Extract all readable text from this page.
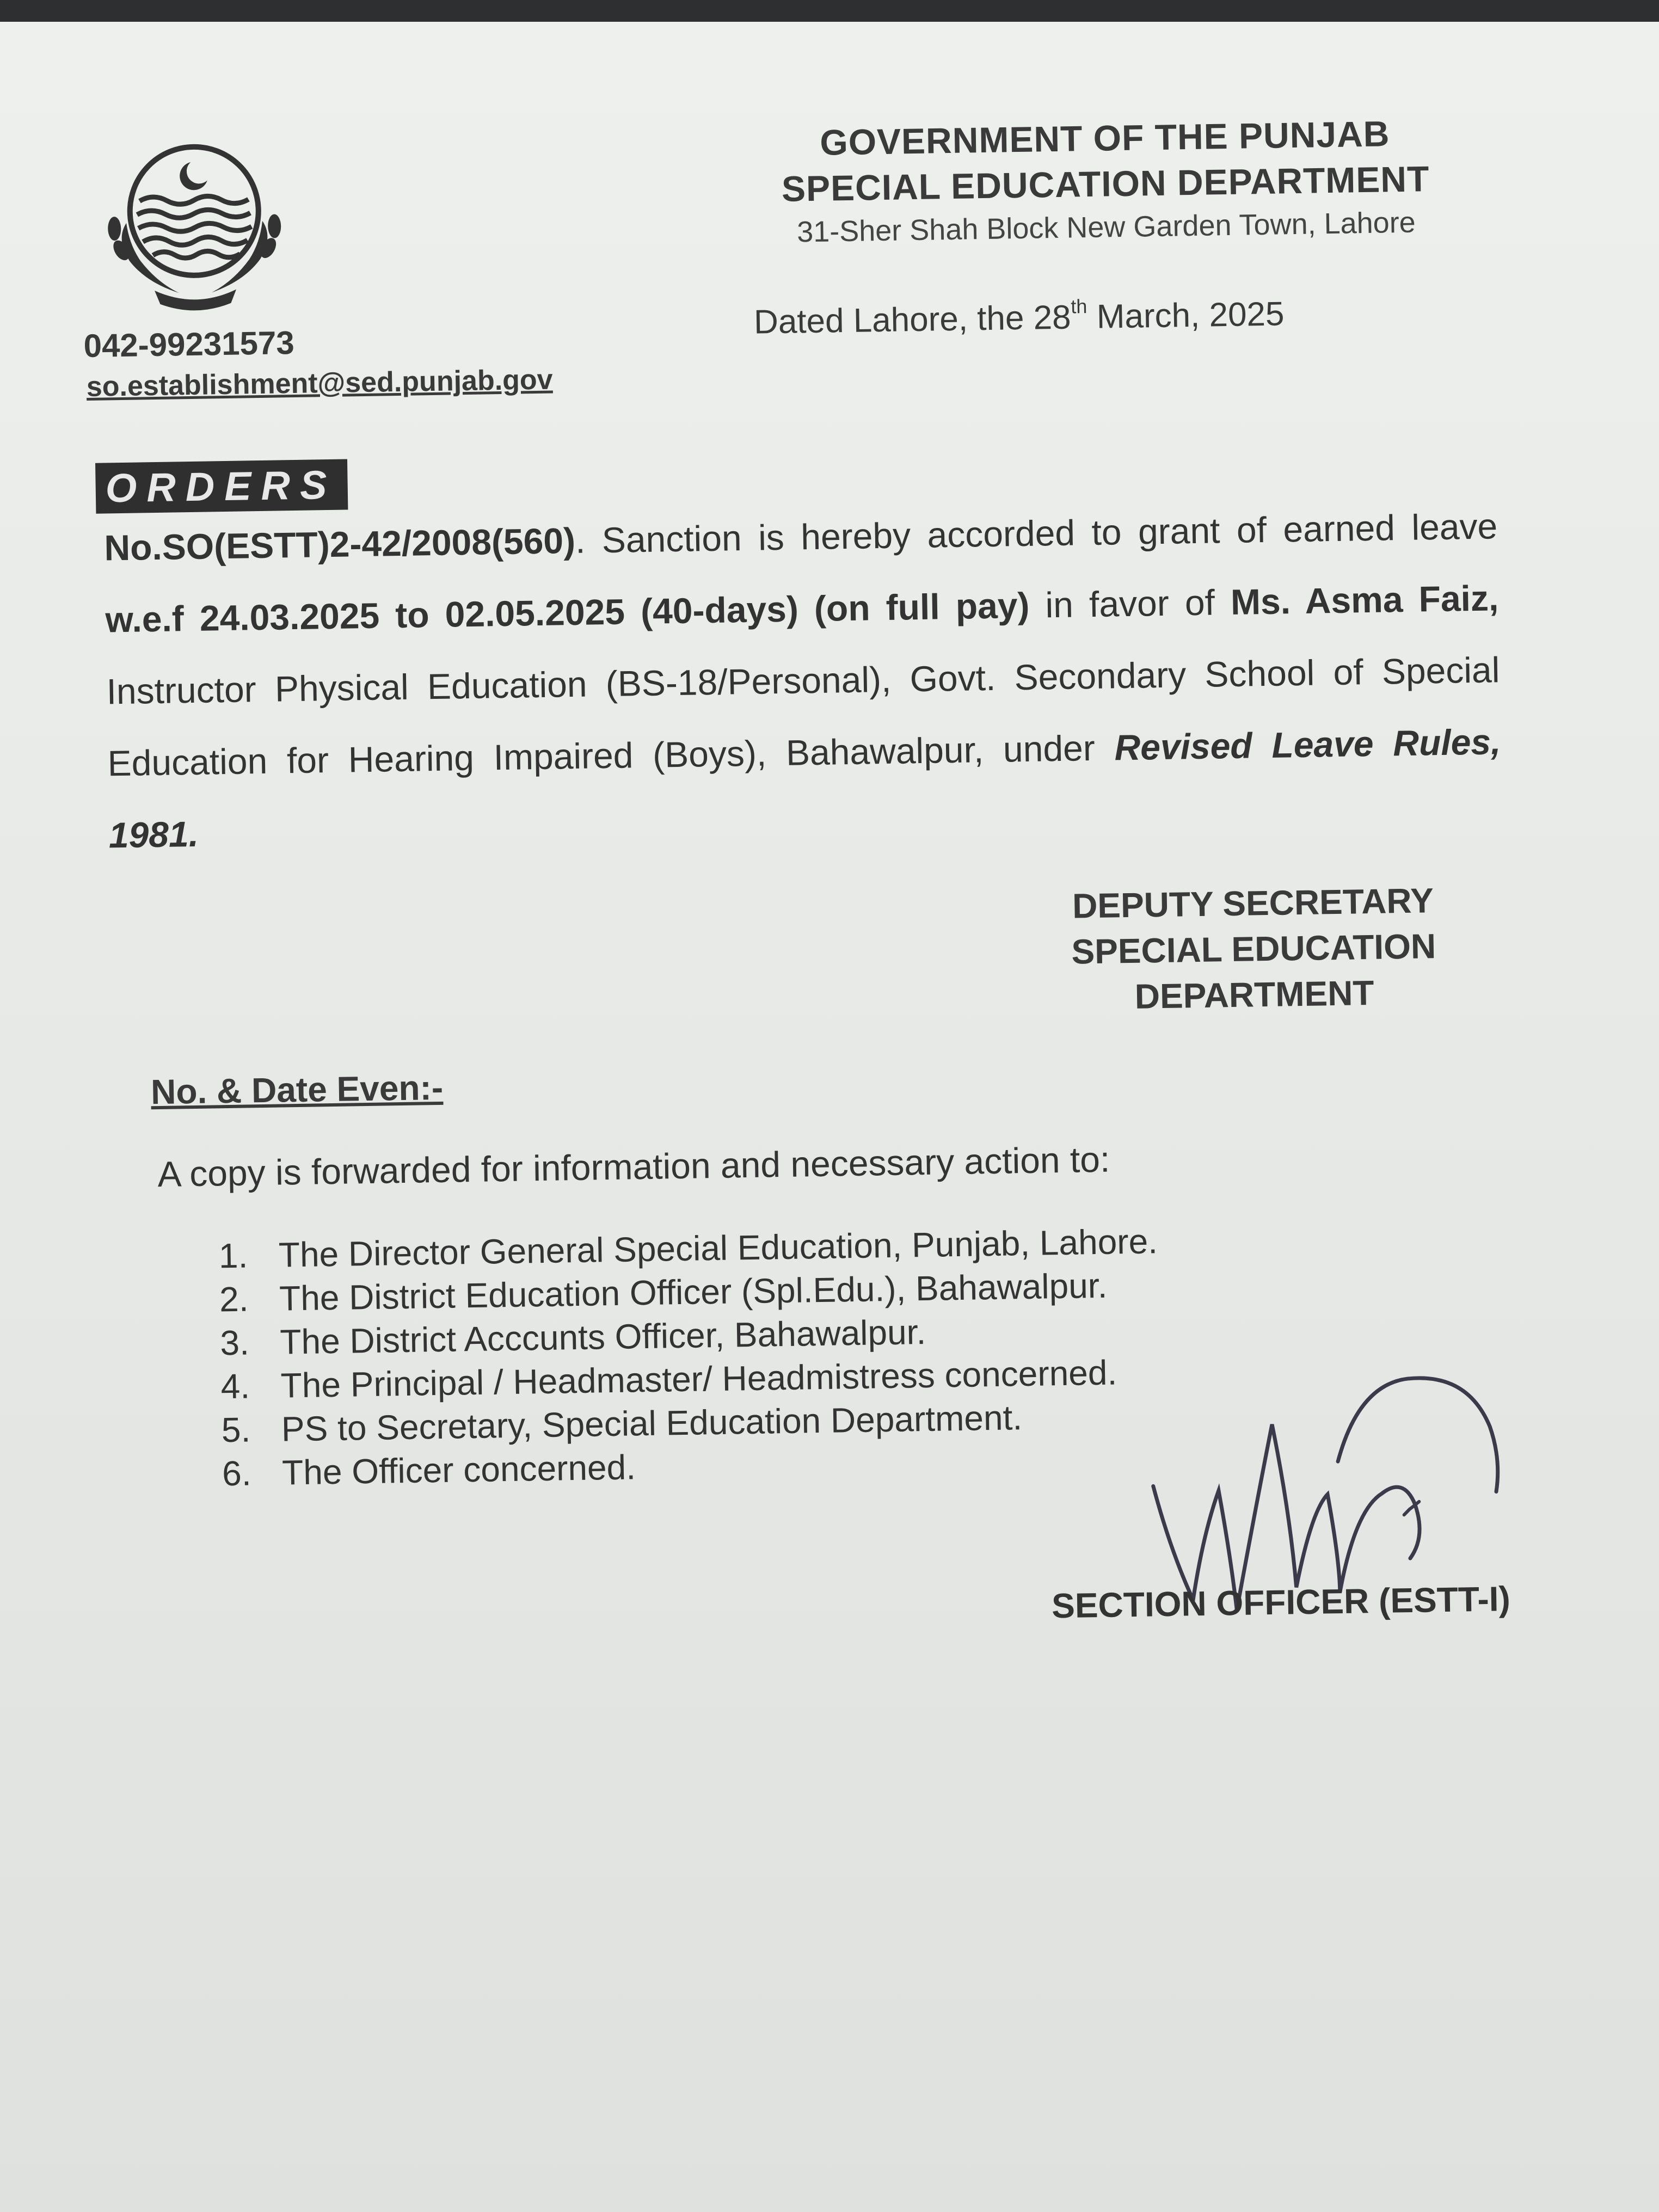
GOVERNMENT OF THE PUNJAB
SPECIAL EDUCATION DEPARTMENT
31-Sher Shah Block New Garden Town, Lahore
042-99231573
so.establishment@sed.punjab.gov
Dated Lahore, the 28th March, 2025
ORDERS
No.SO(ESTT)2-42/2008(560). Sanction is hereby accorded to grant of earned leave w.e.f 24.03.2025 to 02.05.2025 (40-days) (on full pay) in favor of Ms. Asma Faiz, Instructor Physical Education (BS-18/Personal), Govt. Secondary School of Special Education for Hearing Impaired (Boys), Bahawalpur, under Revised Leave Rules, 1981.
DEPUTY SECRETARY
SPECIAL EDUCATION
DEPARTMENT
No. & Date Even:-
A copy is forwarded for information and necessary action to:
1. The Director General Special Education, Punjab, Lahore.
2. The District Education Officer (Spl.Edu.), Bahawalpur.
3. The District Acccunts Officer, Bahawalpur.
4. The Principal / Headmaster/ Headmistress concerned.
5. PS to Secretary, Special Education Department.
6. The Officer concerned.
SECTION OFFICER (ESTT-I)
